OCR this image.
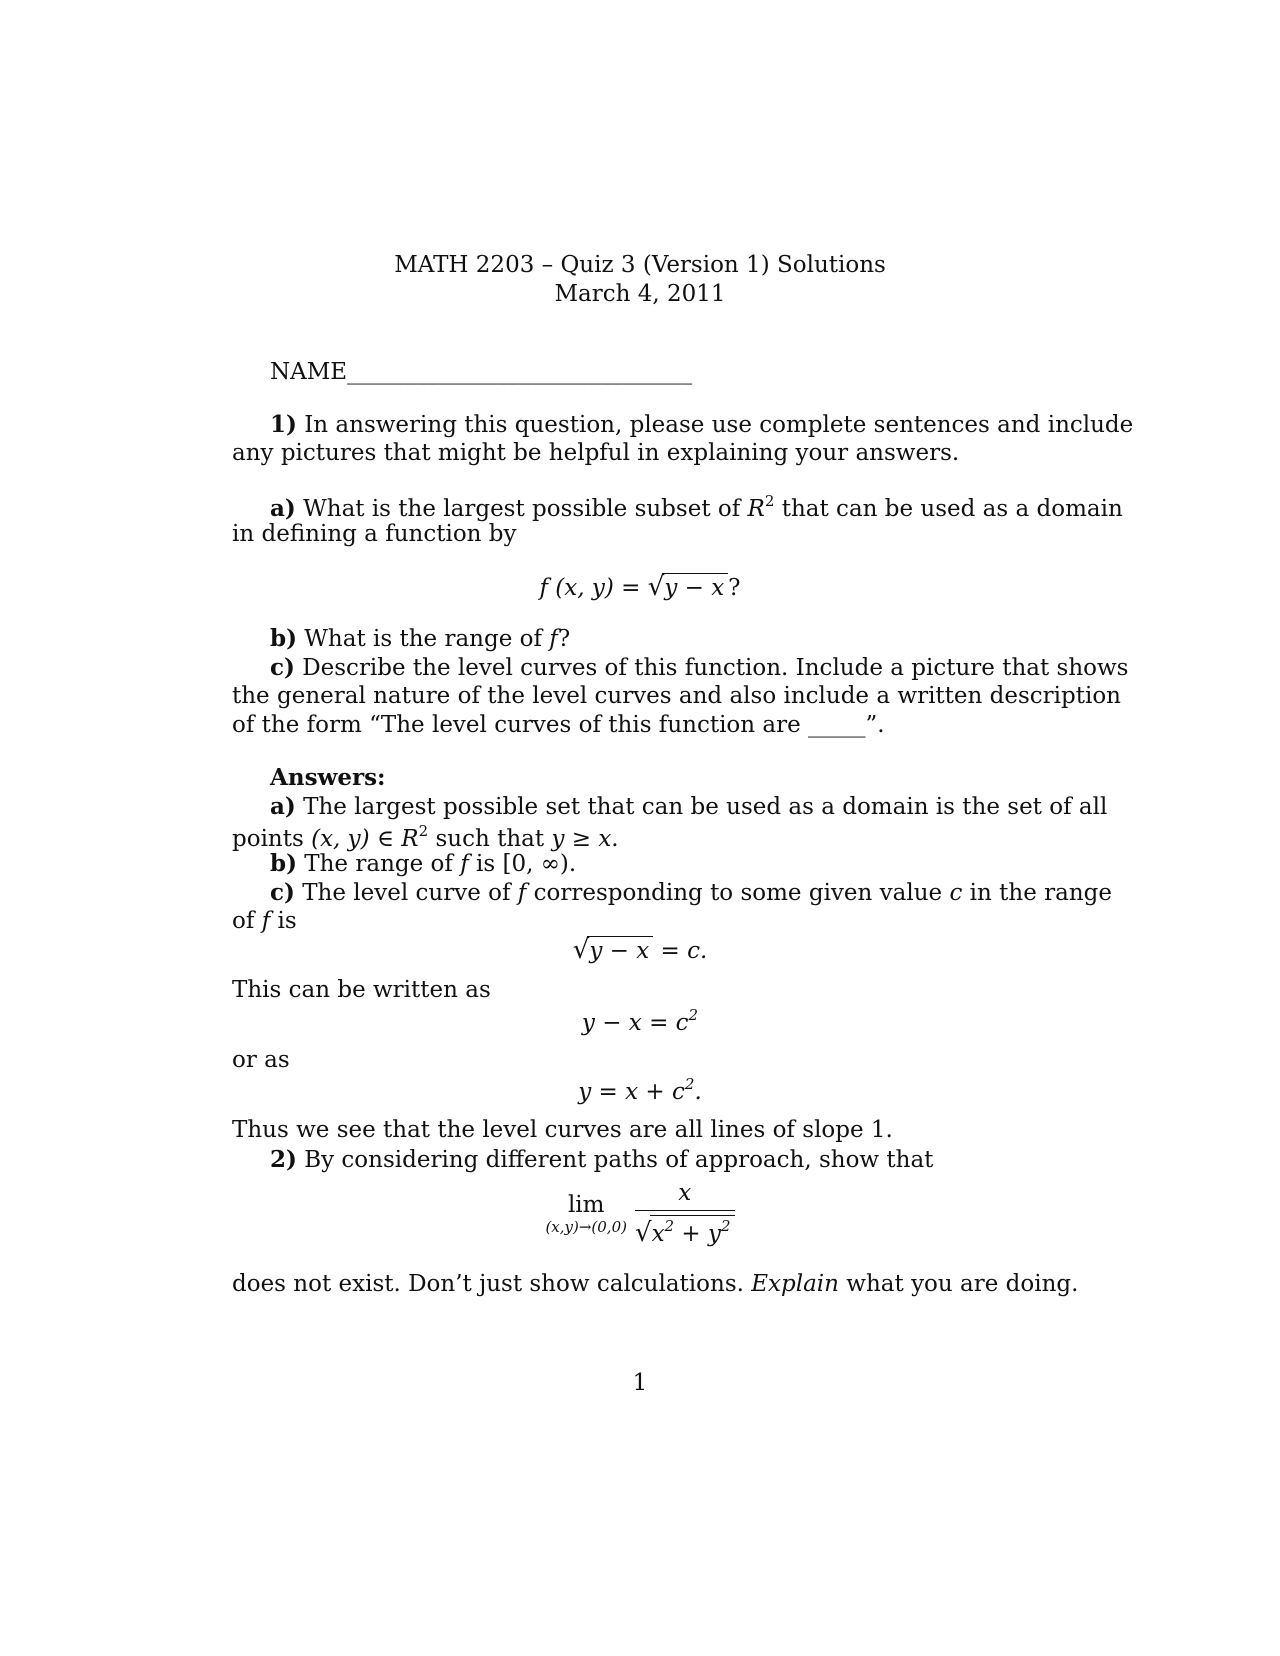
MATH 2203 – Quiz 3 (Version 1) Solutions
March 4, 2011
NAME______________________________
1) In answering this question, please use complete sentences and include
any pictures that might be helpful in explaining your answers.
a) What is the largest possible subset of $R^2$ that can be used as a domain
in defining a function by
f (x, y) = √y − x ?
b) What is the range of f?
c) Describe the level curves of this function. Include a picture that shows
the general nature of the level curves and also include a written description
of the form “The level curves of this function are _____”.
Answers:
a) The largest possible set that can be used as a domain is the set of all
points (x, y) ∈ $R^2$ such that y ≥ x.
b) The range of f is [0, ∞).
c) The level curve of f corresponding to some given value c in the range
of f is
√y − x = c.
This can be written as
$y - x = c^2$
or as
$y = x + c^2$.
Thus we see that the level curves are all lines of slope 1.
2) By considering different paths of approach, show that
lim
$(x,y)\to(0,0) \frac{x}{√x^2 + y^2}$
does not exist. Don’t just show calculations. Explain what you are doing.
1
